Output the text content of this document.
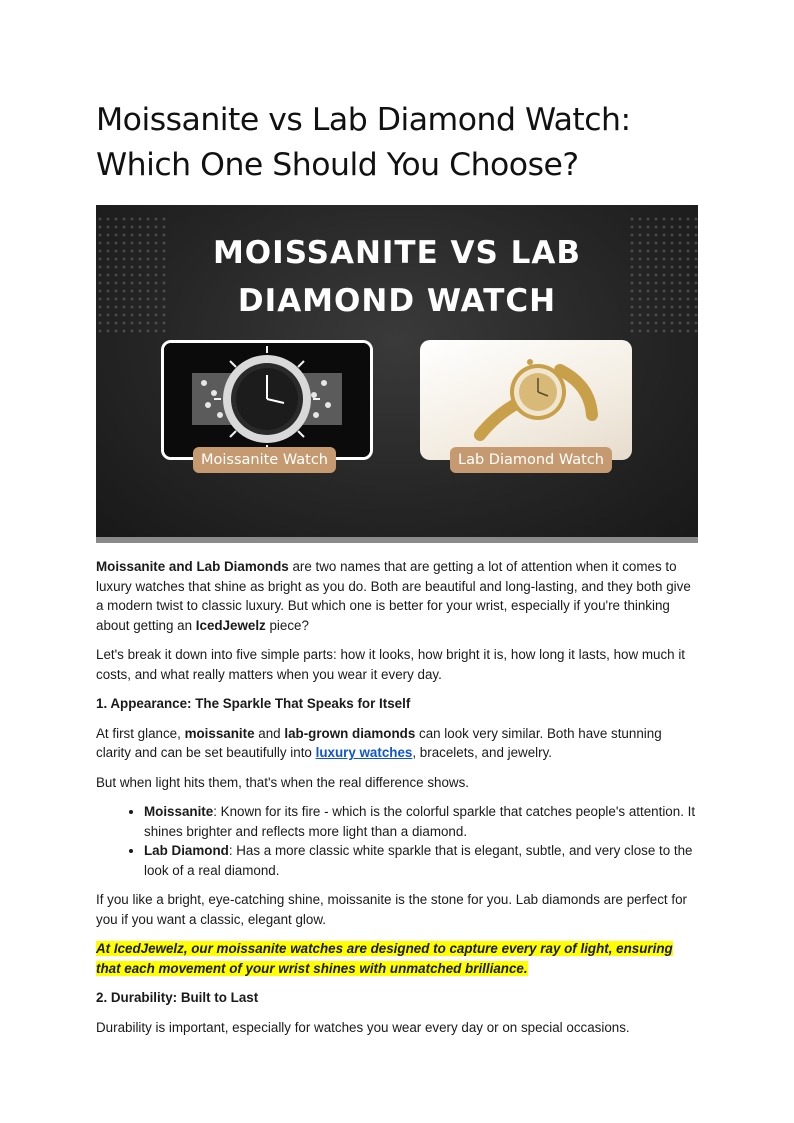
Moissanite vs Lab Diamond Watch: Which One Should You Choose?
MOISSANITE VS LAB
DIAMOND WATCH
Moissanite Watch	Lab Diamond Watch

Moissanite and Lab Diamonds are two names that are getting a lot of attention when it comes to luxury watches that shine as bright as you do. Both are beautiful and long-lasting, and they both give a modern twist to classic luxury. But which one is better for your wrist, especially if you're thinking about getting an IcedJewelz piece?

Let's break it down into five simple parts: how it looks, how bright it is, how long it lasts, how much it costs, and what really matters when you wear it every day.

1. Appearance: The Sparkle That Speaks for Itself

At first glance, moissanite and lab-grown diamonds can look very similar. Both have stunning clarity and can be set beautifully into luxury watches, bracelets, and jewelry.

But when light hits them, that's when the real difference shows.

• Moissanite: Known for its fire - which is the colorful sparkle that catches people's attention. It shines brighter and reflects more light than a diamond.
• Lab Diamond: Has a more classic white sparkle that is elegant, subtle, and very close to the look of a real diamond.

If you like a bright, eye-catching shine, moissanite is the stone for you. Lab diamonds are perfect for you if you want a classic, elegant glow.

At IcedJewelz, our moissanite watches are designed to capture every ray of light, ensuring that each movement of your wrist shines with unmatched brilliance.

2. Durability: Built to Last

Durability is important, especially for watches you wear every day or on special occasions.
